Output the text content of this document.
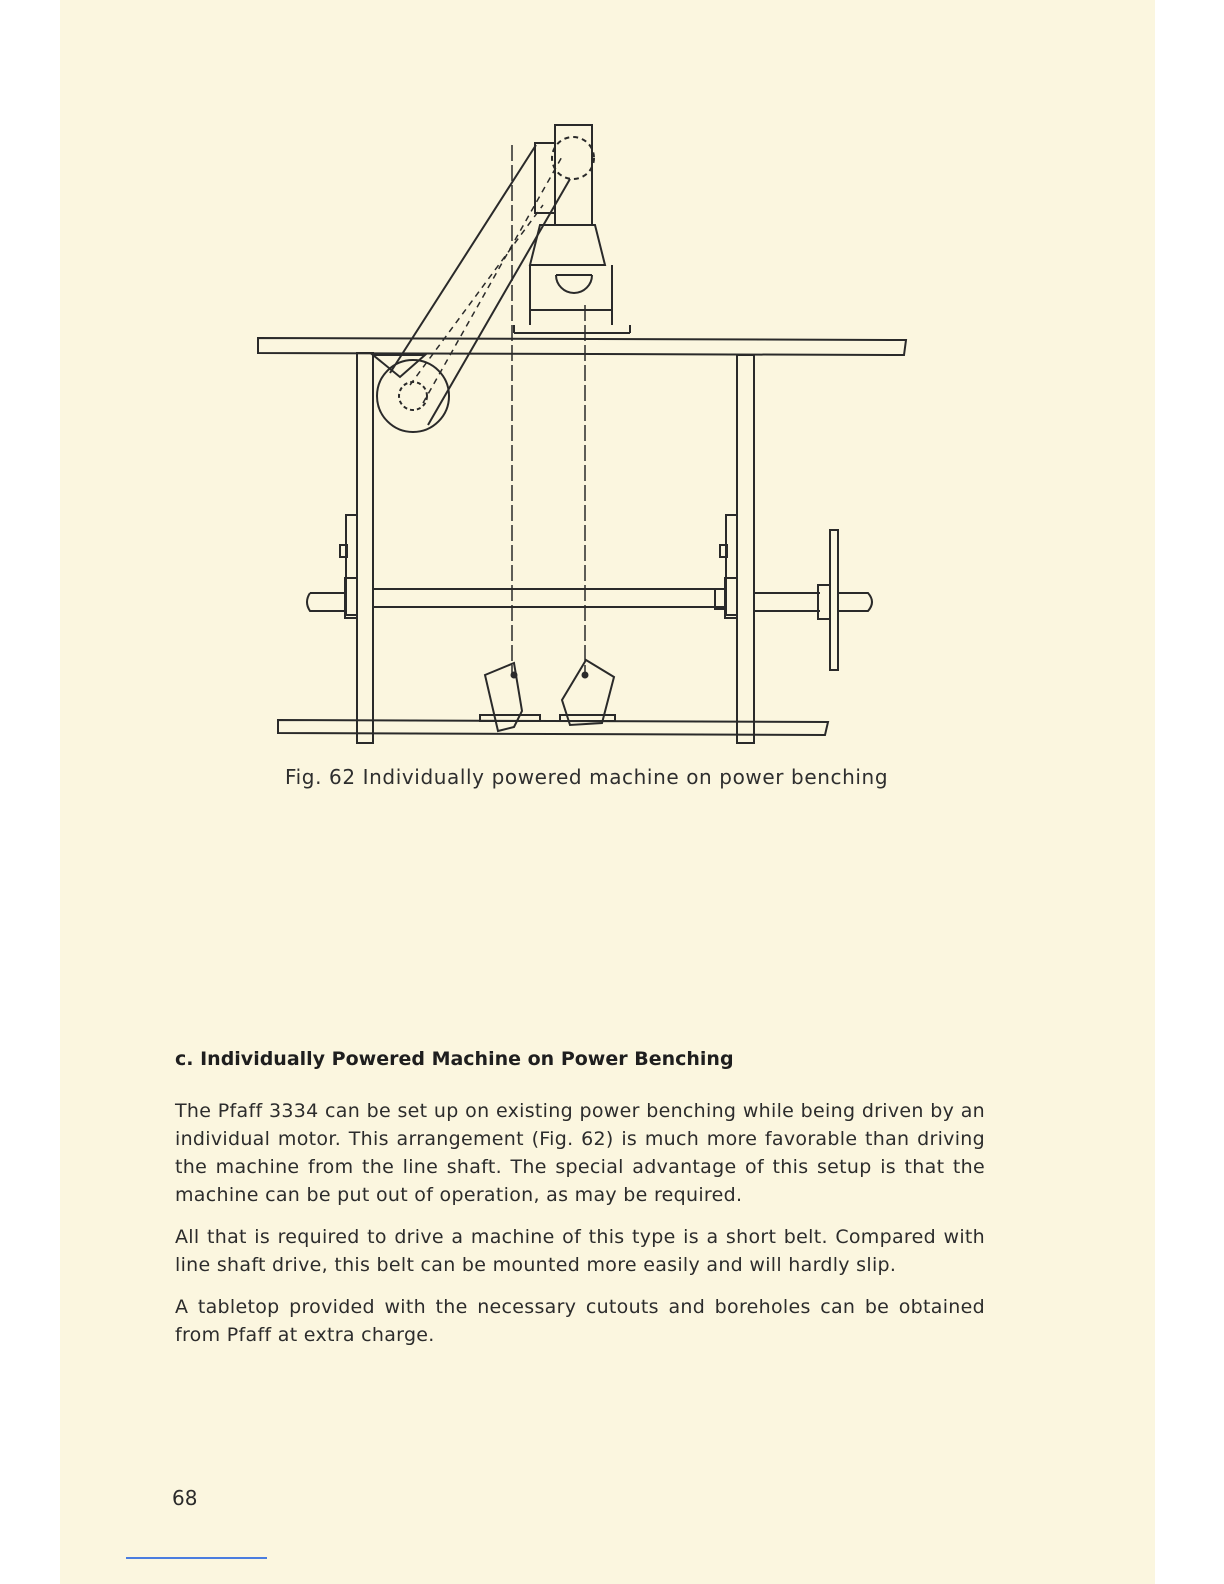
Fig. 62 Individually powered machine on power benching
c. Individually Powered Machine on Power Benching

The Pfaff 3334 can be set up on existing power benching while being driven by an individual motor. This arrangement (Fig. 62) is much more favorable than driving the machine from the line shaft. The special advantage of this setup is that the machine can be put out of operation, as may be required.

All that is required to drive a machine of this type is a short belt. Compared with line shaft drive, this belt can be mounted more easily and will hardly slip.

A tabletop provided with the necessary cutouts and boreholes can be obtained from Pfaff at extra charge.

68
